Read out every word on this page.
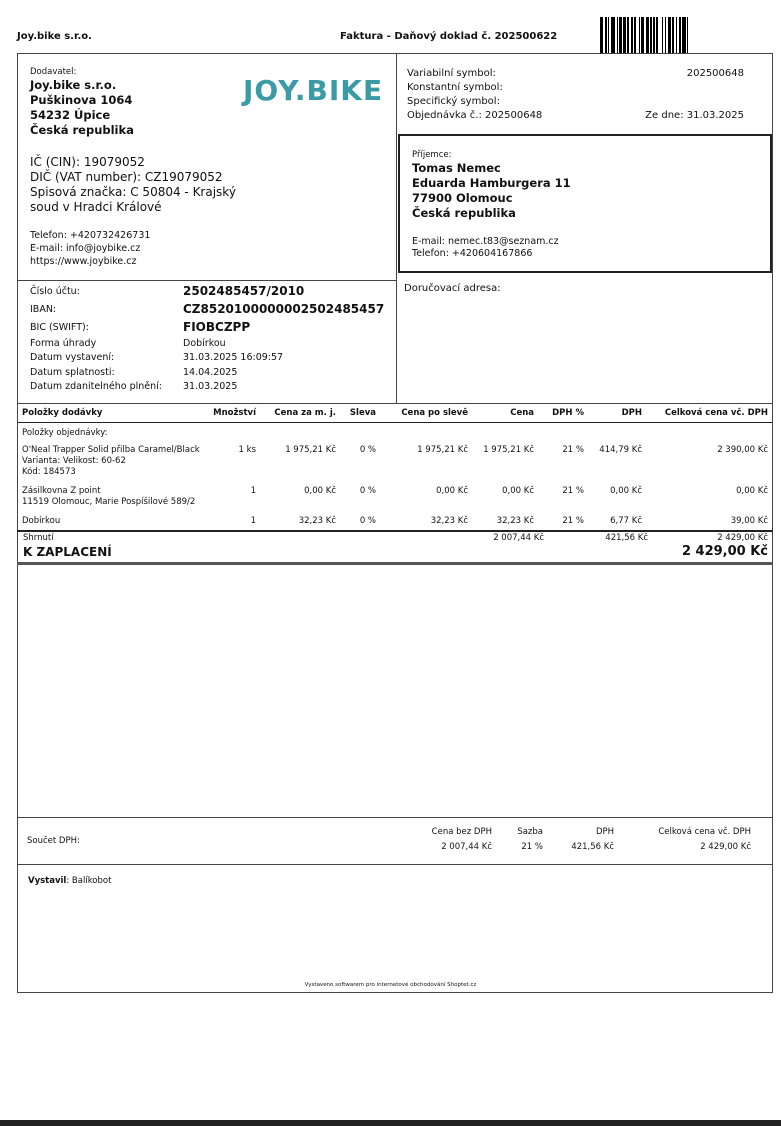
Joy.bike s.r.o.	Faktura - Daňový doklad č. 202500622
Dodavatel:
Joy.bike s.r.o.
Puškinova 1064
54232 Úpice
Česká republika
JOY.BIKE
IČ (CIN): 19079052
DIČ (VAT number): CZ19079052
Spisová značka: C 50804 - Krajský
soud v Hradci Králové
Telefon: +420732426731
E-mail: info@joybike.cz
https://www.joybike.cz
Číslo účtu:	2502485457/2010
IBAN:	CZ8520100000002502485457
BIC (SWIFT):	FIOBCZPP
Forma úhrady	Dobírkou
Datum vystavení:	31.03.2025 16:09:57
Datum splatnosti:	14.04.2025
Datum zdanitelného plnění:	31.03.2025
Variabilní symbol:	202500648
Konstantní symbol:
Specifický symbol:
Objednávka č.: 202500648	Ze dne: 31.03.2025
Příjemce:
Tomas Nemec
Eduarda Hamburgera 11
77900 Olomouc
Česká republika
E-mail: nemec.t83@seznam.cz
Telefon: +420604167866
Doručovací adresa:
Položky dodávky	Množství	Cena za m. j.	Sleva	Cena po slevě	Cena	DPH %	DPH	Celková cena vč. DPH
Položky objednávky:								

O'Neal Trapper Solid přilba Caramel/Black
Varianta: Velikost: 60-62
Kód: 184573	1 ks	1 975,21 Kč	0 %	1 975,21 Kč	1 975,21 Kč	21 %	414,79 Kč	2 390,00 Kč

Zásilkovna Z point
11519 Olomouc, Marie Pospíšilové 589/2	1	0,00 Kč	0 %	0,00 Kč	0,00 Kč	21 %	0,00 Kč	0,00 Kč

Dobírkou	1	32,23 Kč	0 %	32,23 Kč	32,23 Kč	21 %	6,77 Kč	39,00 Kč
Shrnutí	2 007,44 Kč	421,56 Kč	2 429,00 Kč
K ZAPLACENÍ	2 429,00 Kč
Součet DPH:
Cena bez DPH	Sazba	DPH	Celková cena vč. DPH
2 007,44 Kč	21 %	421,56 Kč	2 429,00 Kč
Vystavil: Balíkobot
Vystaveno softwarem pro internetové obchodování Shoptet.cz
